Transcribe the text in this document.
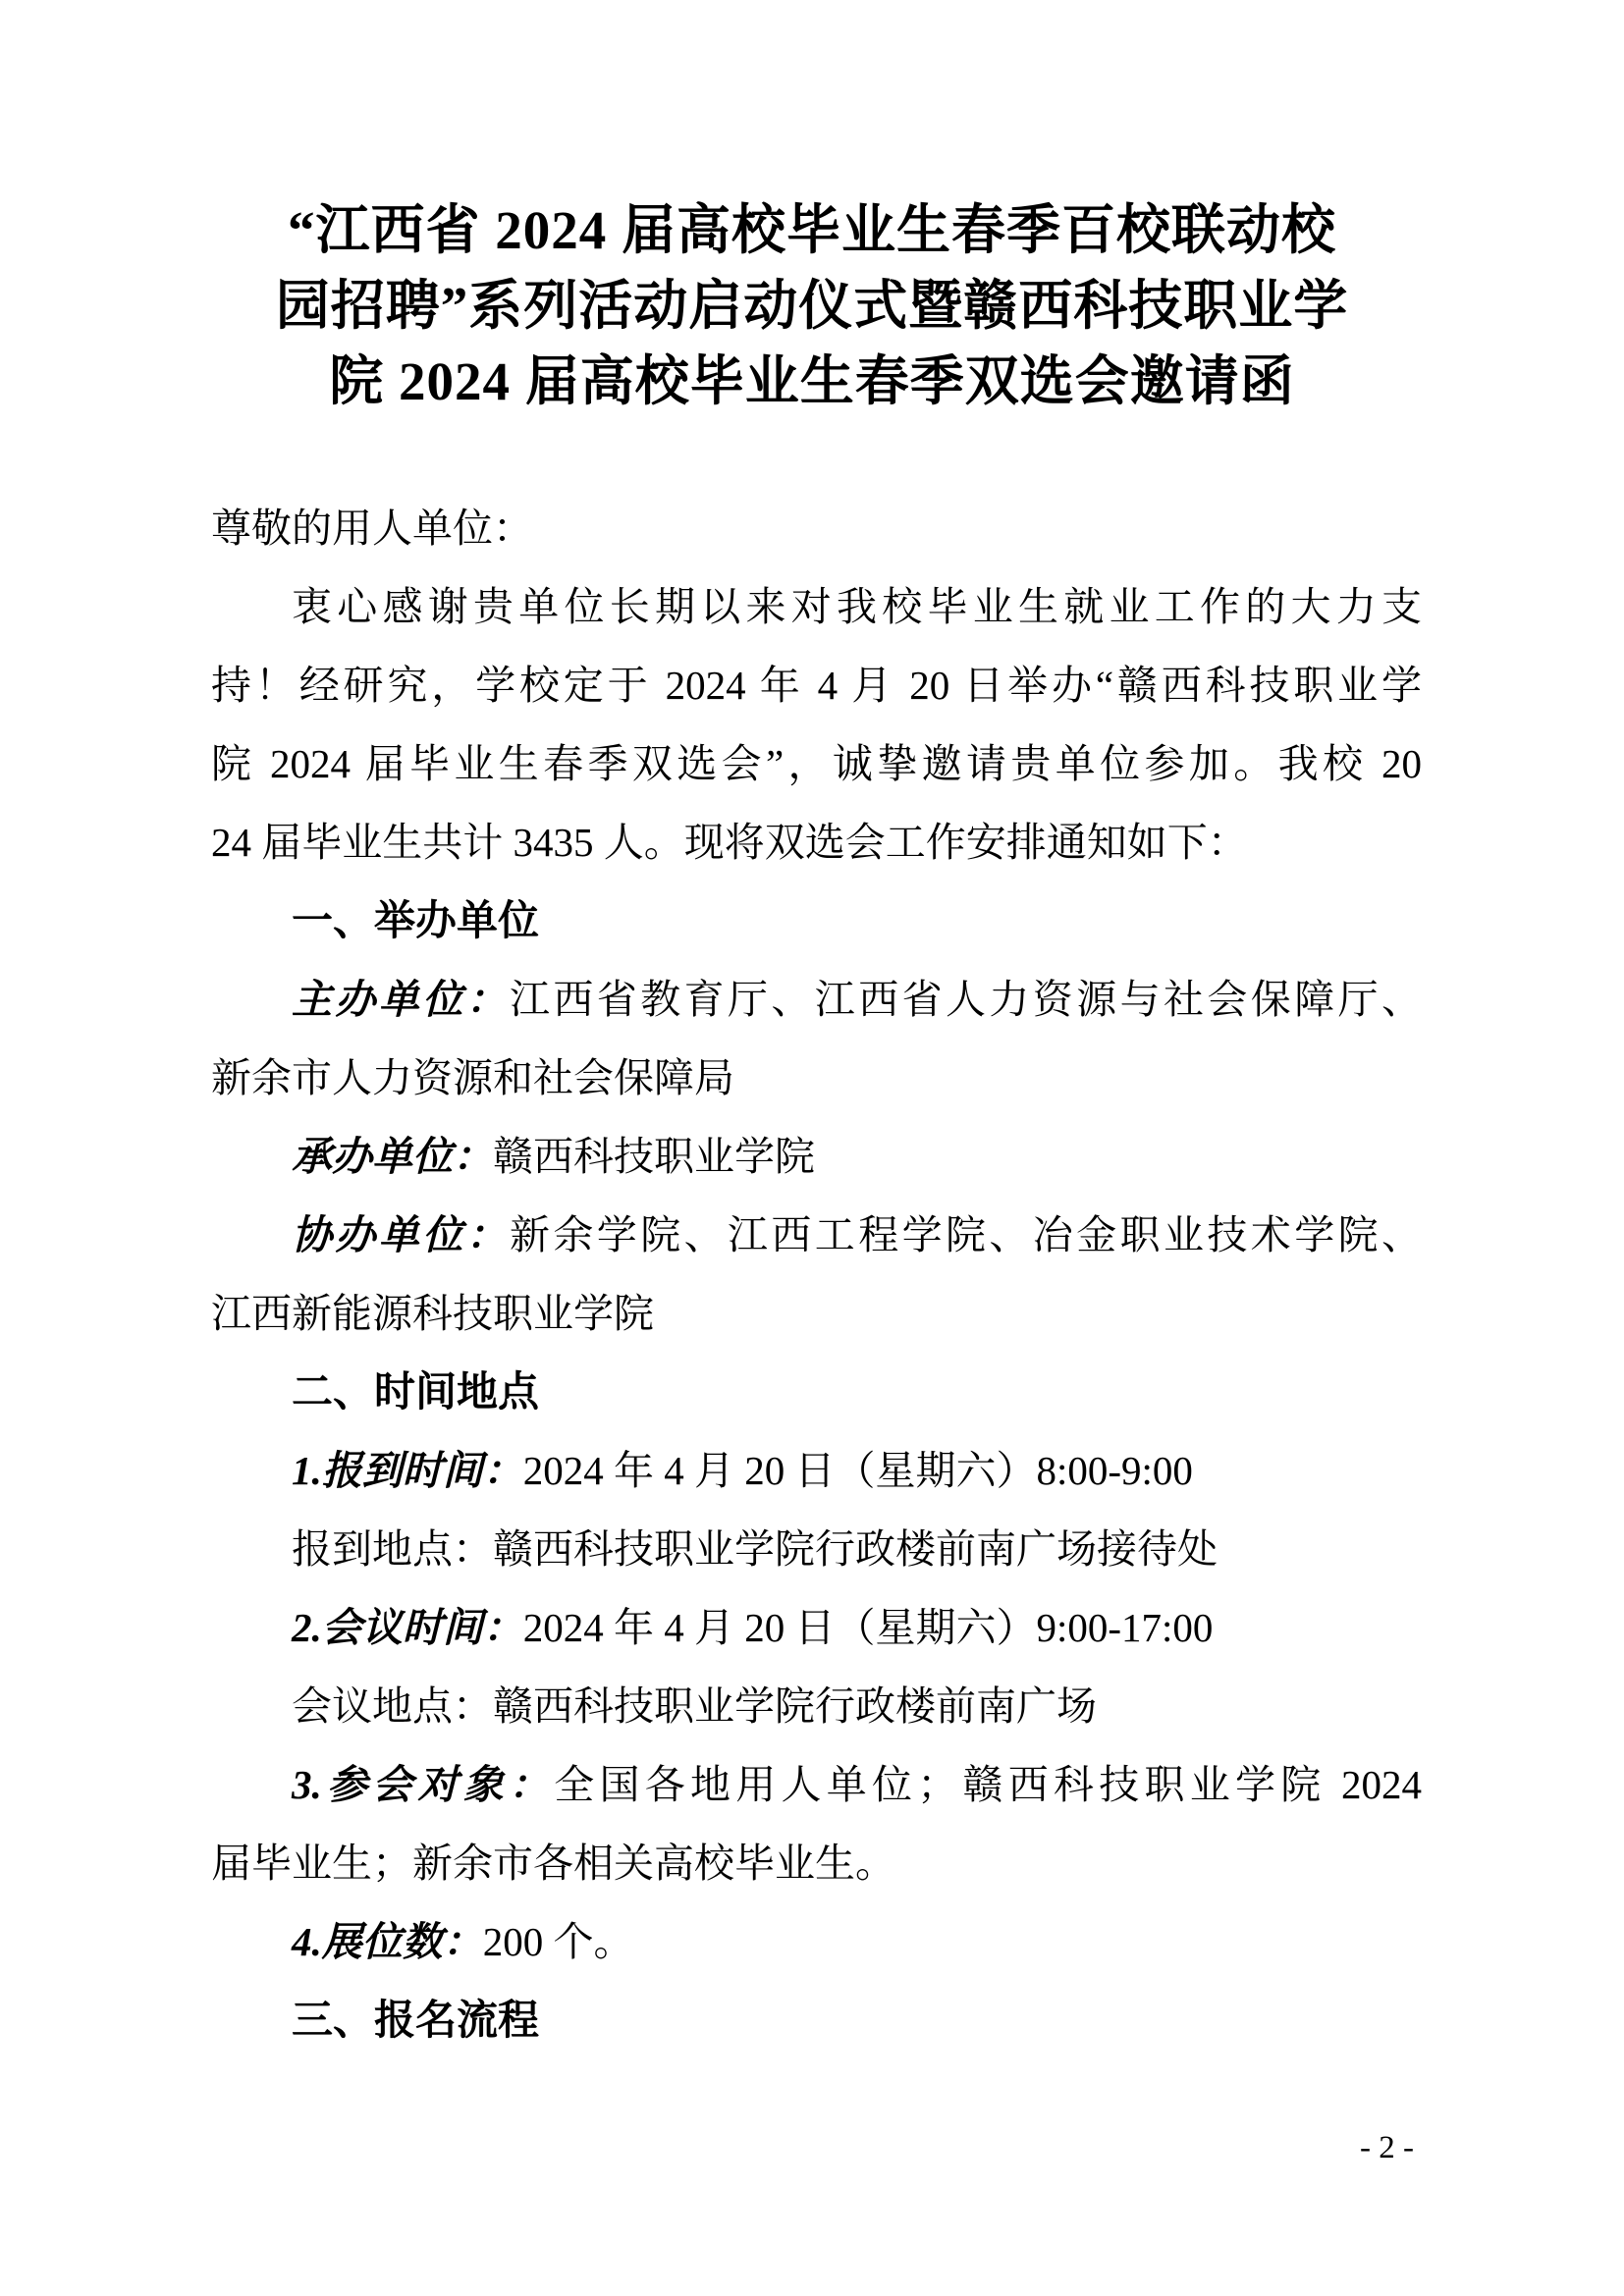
“江西省 2024 届高校毕业生春季百校联动校
园招聘”系列活动启动仪式暨赣西科技职业学
院 2024 届高校毕业生春季双选会邀请函
尊敬的用人单位：
衷心感谢贵单位长期以来对我校毕业生就业工作的大力支
持！经研究，学校定于 2024 年 4 月 20 日举办“赣西科技职业学
院 2024 届毕业生春季双选会”，诚挚邀请贵单位参加。我校 20
24 届毕业生共计 3435 人。现将双选会工作安排通知如下：
一、举办单位
主办单位：江西省教育厅、江西省人力资源与社会保障厅、
新余市人力资源和社会保障局
承办单位：赣西科技职业学院
协办单位：新余学院、江西工程学院、冶金职业技术学院、
江西新能源科技职业学院
二、时间地点
1.报到时间：2024 年 4 月 20 日（星期六）8:00-9:00
报到地点：赣西科技职业学院行政楼前南广场接待处
2.会议时间：2024 年 4 月 20 日（星期六）9:00-17:00
会议地点：赣西科技职业学院行政楼前南广场
3.参会对象：全国各地用人单位；赣西科技职业学院 2024
届毕业生；新余市各相关高校毕业生。
4.展位数：200 个。
三、报名流程
- 2 -
